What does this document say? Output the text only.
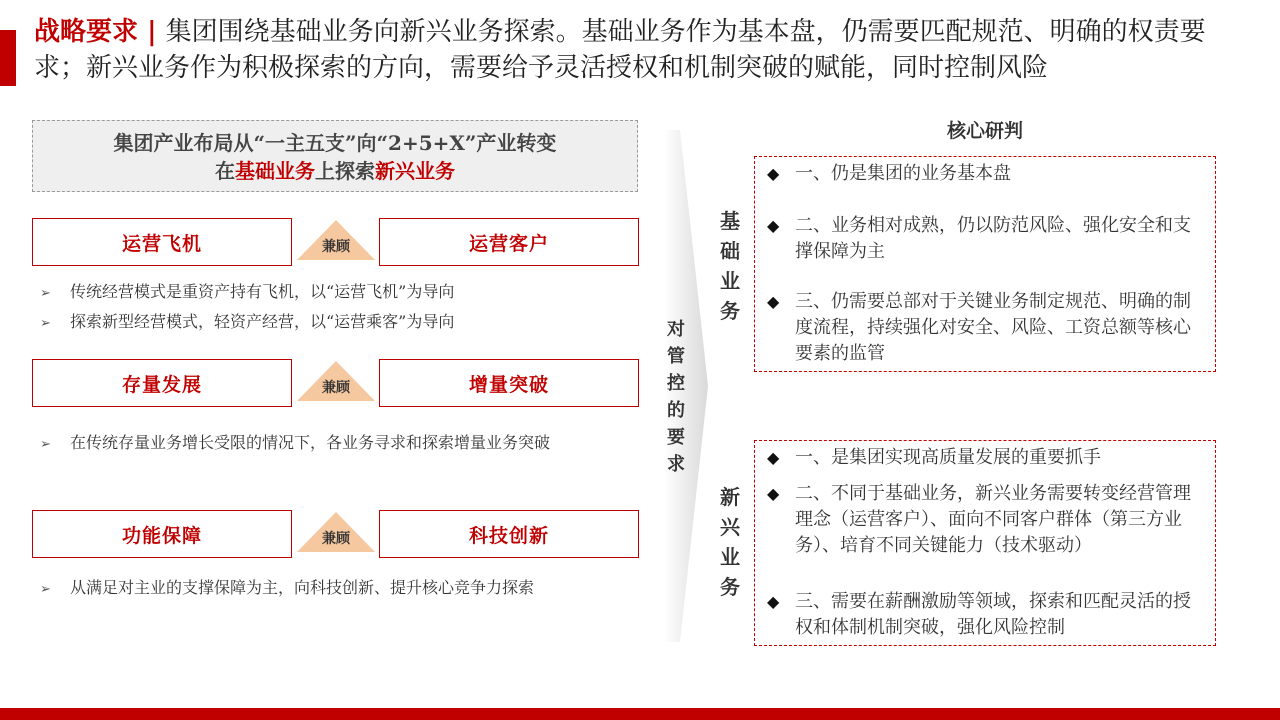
战略要求 | 集团围绕基础业务向新兴业务探索。基础业务作为基本盘，仍需要匹配规范、明确的权责要求；新兴业务作为积极探索的方向，需要给予灵活授权和机制突破的赋能，同时控制风险
集团产业布局从“一主五支”向“2+5+X”产业转变
在基础业务上探索新兴业务
运营飞机	兼顾	运营客户
➢ 传统经营模式是重资产持有飞机，以“运营飞机”为导向
➢ 探索新型经营模式，轻资产经营，以“运营乘客”为导向
存量发展	兼顾	增量突破
➢ 在传统存量业务增长受限的情况下，各业务寻求和探索增量业务突破
功能保障	兼顾	科技创新
➢ 从满足对主业的支撑保障为主，向科技创新、提升核心竞争力探索
对
管
控
的
要
求
核心研判
基
础
业
务
◆ 一、仍是集团的业务基本盘
◆ 二、业务相对成熟，仍以防范风险、强化安全和支撑保障为主
◆ 三、仍需要总部对于关键业务制定规范、明确的制度流程，持续强化对安全、风险、工资总额等核心要素的监管
新
兴
业
务
◆ 一、是集团实现高质量发展的重要抓手
◆ 二、不同于基础业务，新兴业务需要转变经营管理理念（运营客户）、面向不同客户群体（第三方业务）、培育不同关键能力（技术驱动）
◆ 三、需要在薪酬激励等领域，探索和匹配灵活的授权和体制机制突破，强化风险控制
